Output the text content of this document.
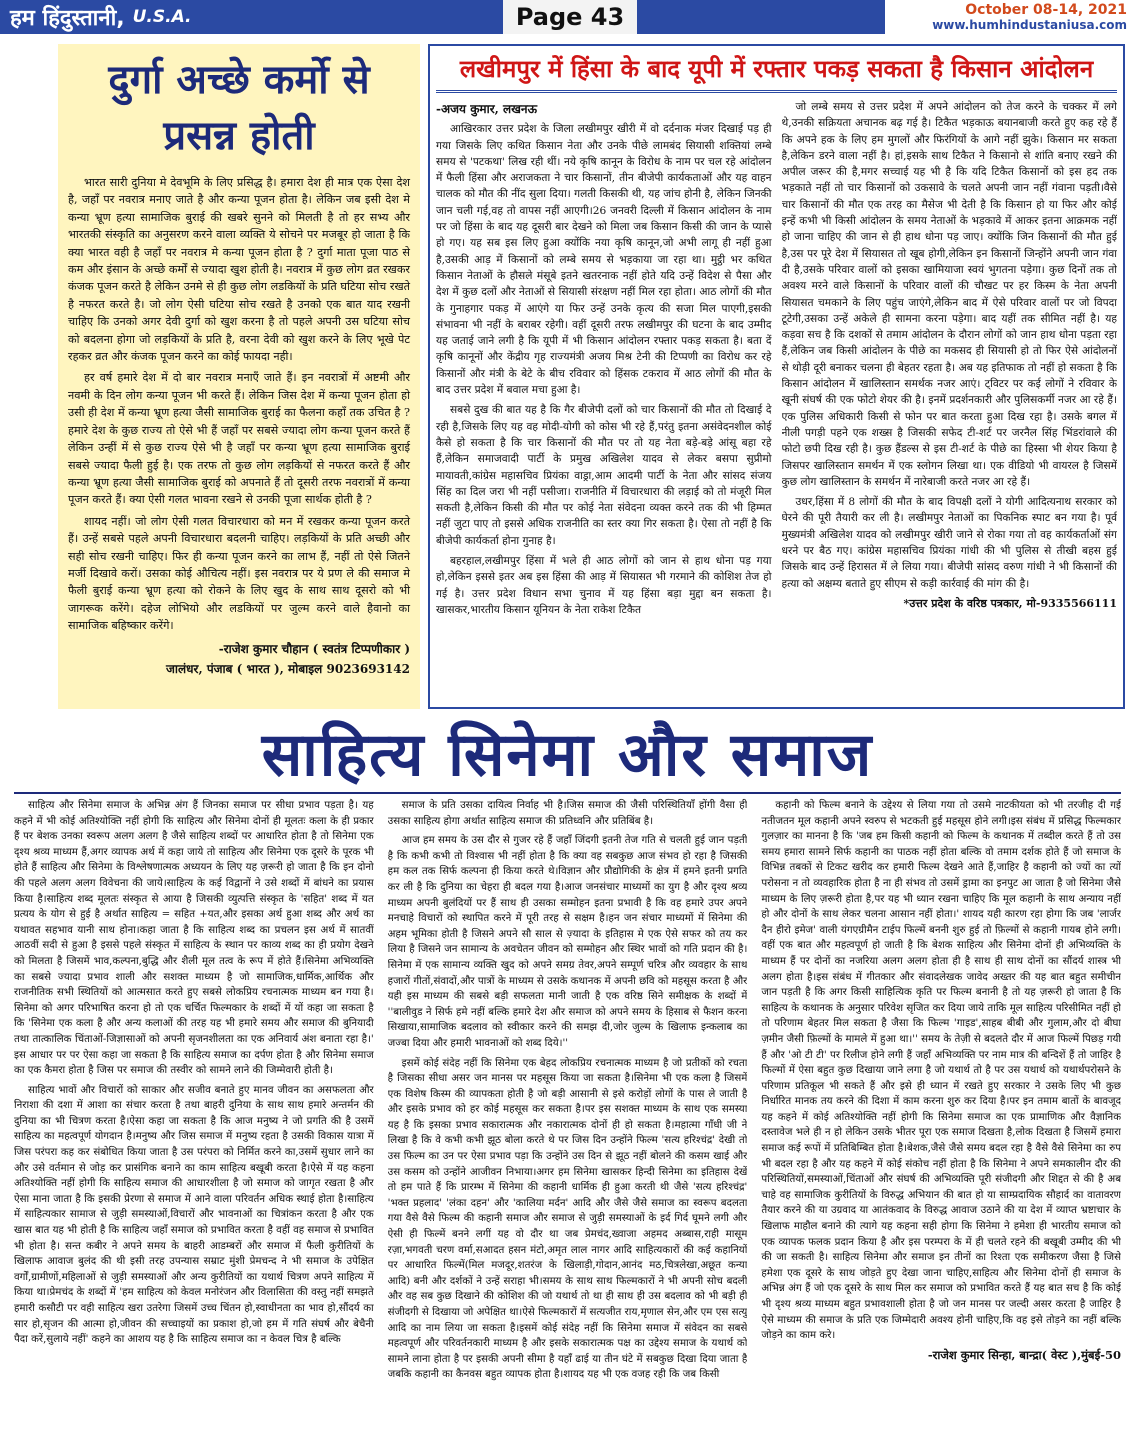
हम हिंदुस्तानी, U.S.A.	Page 43	October 08-14, 2021
www.humhindustaniusa.com
दुर्गा अच्छे कर्मो से प्रसन्न होती

भारत सारी दुनिया मे देवभूमि के लिए प्रसिद्ध है। हमारा देश ही मात्र एक ऐसा देश है, जहाँ पर नवरात्र मनाए जाते है और कन्या पूजन होता है। लेकिन जब इसी देश मे कन्या भ्रूण हत्या सामाजिक बुराई की खबरे सुनने को मिलती है तो हर सभ्य और भारतकी संस्कृति का अनुसरण करने वाला व्यक्ति ये सोचने पर मजबूर हो जाता है कि क्या भारत वही है जहाँ पर नवरात्र मे कन्या पूजन होता है ? दुर्गा माता पूजा पाठ से कम और इंसान के अच्छे कर्मों से ज्यादा खुश होती है। नवरात्र में कुछ लोग व्रत रखकर कंजक पूजन करते है लेकिन उनमे से ही कुछ लोग लडकियों के प्रति घटिया सोच रखते है नफरत करते है। जो लोग ऐसी घटिया सोच रखते है उनको एक बात याद रखनी चाहिए कि उनको अगर देवी दुर्गा को खुश करना है तो पहले अपनी उस घटिया सोच को बदलना होगा जो लड़कियों के प्रति है, वरना देवी को खुश करने के लिए भूखे पेट रहकर व्रत और कंजक पूजन करने का कोई फायदा नही।

हर वर्ष हमारे देश में दो बार नवरात्र मनाएँ जाते हैं। इन नवरात्रों में अष्टमी और नवमी के दिन लोग कन्या पूजन भी करते हैं। लेकिन जिस देश में कन्या पूजन होता हो उसी ही देश में कन्या भ्रूण हत्या जैसी सामाजिक बुराई का फैलना कहाँ तक उचित है ? हमारे देश के कुछ राज्य तो ऐसे भी हैं जहाँ पर सबसे ज्यादा लोग कन्या पूजन करते हैं लेकिन उन्हीं में से कुछ राज्य ऐसे भी है जहाँ पर कन्या भ्रूण हत्या सामाजिक बुराई सबसे ज्यादा फैली हुई है। एक तरफ तो कुछ लोग लड़कियों से नफरत करते हैं और कन्या भ्रूण हत्या जैसी सामाजिक बुराई को अपनाते हैं तो दूसरी तरफ नवरात्रों में कन्या पूजन करते हैं। क्या ऐसी गलत भावना रखने से उनकी पूजा सार्थक होती है ?

शायद नहीं। जो लोग ऐसी गलत विचारधारा को मन में रखकर कन्या पूजन करते हैं। उन्हें सबसे पहले अपनी विचारधारा बदलनी चाहिए। लड़कियों के प्रति अच्छी और सही सोच रखनी चाहिए। फिर ही कन्या पूजन करने का लाभ हैं, नहीं तो ऐसे जितने मर्जी दिखावे करों। उसका कोई औचित्य नहीं। इस नवरात्र पर ये प्रण ले की समाज मे फैली बुराई कन्या भ्रूण हत्या को रोकने के लिए खुद के साथ साथ दूसरो को भी जागरूक करेंगे। दहेज लोभियो और लडकियों पर जुल्म करने वाले हैवानो का सामाजिक बहिष्कार करेंगे।

-राजेश कुमार चौहान ( स्वतंत्र टिप्पणीकार )
जालंधर, पंजाब ( भारत ), मोबाइल 9023693142
लखीमपुर में हिंसा के बाद यूपी में रफ्तार पकड़ सकता है किसान आंदोलन

-अजय कुमार, लखनऊ

आखिरकार उत्तर प्रदेश के जिला लखीमपुर खीरी में वो दर्दनाक मंजर दिखाई पड़ ही गया जिसके लिए कथित किसान नेता और उनके पीछे लामबंद सियासी शक्तियां लम्बे समय से 'पटकथा' लिख रही थीं। नये कृषि कानून के विरोध के नाम पर चल रहे आंदोलन में फैली हिंसा और अराजकता ने चार किसानों, तीन बीजेपी कार्यकताओं और यह वाहन चालक को मौत की नींद सुला दिया। गलती किसकी थी, यह जांच होनी है, लेकिन जिनकी जान चली गई,वह तो वापस नहीं आएगी।26 जनवरी दिल्ली में किसान आंदोलन के नाम पर जो हिंसा के बाद यह दूसरी बार देखने को मिला जब किसान किसी की जान के प्यासे हो गए। यह सब इस लिए हुआ क्योंकि नया कृषि कानून,जो अभी लागू ही नहीं हुआ है,उसकी आड़ में किसानों को लम्बे समय से भड़काया जा रहा था। मुट्ठी भर कथित किसान नेताओं के हौसले मंसूबे इतने खतरनाक नहीं होते यदि उन्हें विदेश से पैसा और देश में कुछ दलों और नेताओं से सियासी संरक्षण नहीं मिल रहा होता। आठ लोगों की मौत के गुनाहगार पकड़ में आएंगे या फिर उन्हें उनके कृत्य की सजा मिल पाएगी,इसकी संभावना भी नहीं के बराबर रहेगी। वहीं दूसरी तरफ लखीमपुर की घटना के बाद उम्मीद यह जताई जाने लगी है कि यूपी में भी किसान आंदोलन रफ्तार पकड़ सकता है। बता दें कृषि कानूनों और केंद्रीय गृह राज्यमंत्री अजय मिश्र टेनी की टिप्पणी का विरोध कर रहे किसानों और मंत्री के बेटे के बीच रविवार को हिंसक टकराव में आठ लोगों की मौत के बाद उत्तर प्रदेश में बवाल मचा हुआ है।

सबसे दुख की बात यह है कि गैर बीजेपी दलों को चार किसानों की मौत तो दिखाई दे रही है,जिसके लिए यह वह मोदी-योगी को कोस भी रहे हैं,परंतु इतना असंवेदनशील कोई कैसे हो सकता है कि चार किसानों की मौत पर तो यह नेता बड़े-बड़े आंसू बहा रहे हैं,लेकिन समाजवादी पार्टी के प्रमुख अखिलेश यादव से लेकर बसपा सुप्रीमो मायावती,कांग्रेस महासचिव प्रियंका वाड्रा,आम आदमी पार्टी के नेता और सांसद संजय सिंह का दिल जरा भी नहीं पसीजा। राजनीति में विचारधारा की लड़ाई को तो मंजूरी मिल सकती है,लेकिन किसी की मौत पर कोई नेता संवेदना व्यक्त करने तक की भी हिम्मत नहीं जुटा पाए तो इससे अधिक राजनीति का स्तर क्या गिर सकता है। ऐसा तो नहीं है कि बीजेपी कार्यकर्ता होना गुनाह है।

बहरहाल,लखीमपुर हिंसा में भले ही आठ लोगों को जान से हाथ धोना पड़ गया हो,लेकिन इससे इतर अब इस हिंसा की आड़ में सियासत भी गरमाने की कोशिश तेज हो गई है। उत्तर प्रदेश विधान सभा चुनाव में यह हिंसा बड़ा मुद्दा बन सकता है। खासकर,भारतीय किसान यूनियन के नेता राकेश टिकैत

जो लम्बे समय से उत्तर प्रदेश में अपने आंदोलन को तेज करने के चक्कर में लगे थे,उनकी सक्रियता अचानक बढ़ गई है। टिकैत भड़काऊ बयानबाजी करते हुए कह रहे हैं कि अपने हक के लिए हम मुगलों और फिरंगियों के आगे नहीं झुके। किसान मर सकता है,लेकिन डरने वाला नहीं है। हां,इसके साथ टिकैत ने किसानो से शांति बनाए रखने की अपील जरूर की है,मगर सच्चाई यह भी है कि यदि टिकैत किसानों को इस हद तक भड़काते नहीं तो चार किसानों को उकसावे के चलते अपनी जान नहीं गंवाना पड़ती।वैसे चार किसानों की मौत एक तरह का मैसेज भी देती है कि किसान हो या फिर और कोई इन्हें कभी भी किसी आंदोलन के समय नेताओं के भड़कावे में आकर इतना आक्रमक नहीं हो जाना चाहिए की जान से ही हाथ धोना पड़ जाए। क्योंकि जिन किसानों की मौत हुई है,उस पर पूरे देश में सियासत तो खूब होगी,लेकिन इन किसानों जिन्होंने अपनी जान गंवा दी है,उसके परिवार वालों को इसका खामियाजा स्वयं भुगतना पड़ेगा। कुछ दिनों तक तो अवश्य मरने वाले किसानों के परिवार वालों की चौखट पर हर किस्म के नेता अपनी सियासत चमकाने के लिए पहुंच जाएंगे,लेकिन बाद में ऐसे परिवार वालों पर जो विपदा टूटेगी,उसका उन्हें अकेले ही सामना करना पड़ेगा। बाद यहीं तक सीमित नहीं है। यह कड़वा सच है कि दशकों से तमाम आंदोलन के दौरान लोगों को जान हाथ धोना पड़ता रहा हैं,लेकिन जब किसी आंदोलन के पीछे का मकसद ही सियासी हो तो फिर ऐसे आंदोलनों से थोड़ी दूरी बनाकर चलना ही बेहतर रहता है। अब यह इतिफाक तो नहीं हो सकता है कि किसान आंदोलन में खालिस्तान समर्थक नजर आएं। ट्विटर पर कई लोगों ने रविवार के खूनी संघर्ष की एक फोटो शेयर की है। इनमें प्रदर्शनकारी और पुलिसकर्मी नजर आ रहे हैं। एक पुलिस अधिकारी किसी से फोन पर बात करता हुआ दिख रहा है। उसके बगल में नीली पगड़ी पहने एक शख्स है जिसकी सफेद टी-शर्ट पर जरनैल सिंह भिंडरांवाले की फोटो छपी दिख रही है। कुछ हैंडल्स से इस टी-शर्ट के पीछे का हिस्सा भी शेयर किया है जिसपर खालिस्तान समर्थन में एक स्लोगन लिखा था। एक वीडियो भी वायरल है जिसमें कुछ लोग खालिस्तान के समर्थन में नारेबाजी करते नजर आ रहे हैं।

उधर,हिंसा में 8 लोगों की मौत के बाद विपक्षी दलों ने योगी आदित्यनाथ सरकार को घेरने की पूरी तैयारी कर ली है। लखीमपुर नेताओं का पिकनिक स्पाट बन गया है। पूर्व मुख्यमंत्री अखिलेश यादव को लखीमपुर खीरी जाने से रोका गया तो वह कार्यकर्ताओं संग धरने पर बैठ गए। कांग्रेस महासचिव प्रियंका गांधी की भी पुलिस से तीखी बहस हुई जिसके बाद उन्हें हिरासत में ले लिया गया। बीजेपी सांसद वरुण गांधी ने भी किसानों की हत्या को अक्षम्य बताते हुए सीएम से कड़ी कार्रवाई की मांग की है।

*उत्तर प्रदेश के वरिष्ठ पत्रकार, मो-9335566111
साहित्य सिनेमा और समाज

साहित्य और सिनेमा समाज के अभिन्न अंग हैं जिनका समाज पर सीधा प्रभाव पड़ता है। यह कहने में भी कोई अतिश्योक्ति नहीं होगी कि साहित्य और सिनेमा दोनों ही मूलतः कला के ही प्रकार हैं पर बेशक उनका स्वरूप अलग अलग है जैसे साहित्य शब्दों पर आधारित होता है तो सिनेमा एक दृश्य श्रव्य माध्यम हैं,अगर व्यापक अर्थ में कहा जाये तो साहित्य और सिनेमा एक दूसरे के पूरक भी होते हैं साहित्य और सिनेमा के विश्लेषणात्मक अध्ययन के लिए यह ज़रूरी हो जाता है कि इन दोनो की पहले अलग अलग विवेचना की जाये।साहित्य के कई विद्वानों ने उसे शब्दों में बांधने का प्रयास किया है।साहित्य शब्द मूलतः संस्कृत से आया है जिसकी व्युत्पत्ति संस्कृत के 'सहित' शब्द में यत प्रत्यय के योग से हुई है अर्थात साहित्य = सहित +यत,और इसका अर्थ हुआ शब्द और अर्थ का यथावत सहभाव यानी साथ होना।कहा जाता है कि साहित्य शब्द का प्रचलन इस अर्थ में सातवीं आठवीं सदी से हुआ है इससे पहले संस्कृत में साहित्य के स्थान पर काव्य शब्द का ही प्रयोग देखने को मिलता है जिसमें भाव,कल्पना,बुद्धि और शैली मूल तत्व के रूप में होते हैं।सिनेमा अभिव्यक्ति का सबसे ज्यादा प्रभाव शाली और सशक्त माध्यम है जो सामाजिक,धार्मिक,आर्थिक और राजनीतिक सभी स्थितियों को आत्मसात करते हुए सबसे लोकप्रिय रचनात्मक माध्यम बन गया है।सिनेमा को अगर परिभाषित करना हो तो एक चर्चित फिल्मकार के शब्दों में यों कहा जा सकता है कि 'सिनेमा एक कला है और अन्य कलाओं की तरह यह भी हमारे समय और समाज की बुनियादी तथा तात्कालिक चिंताओं-जिज्ञासाओं को अपनी सृजनशीलता का एक अनिवार्य अंश बनाता रहा है।' इस आधार पर पर ऐसा कहा जा सकता है कि साहित्य समाज का दर्पण होता है और सिनेमा समाज का एक कैमरा होता है जिस पर समाज की तस्वीर को सामने लाने की जिम्मेवारी होती है।

साहित्य भावों और विचारों को साकार और सजीव बनाते हुए मानव जीवन का असफलता और निराशा की दशा में आशा का संचार करता है तथा बाहरी दुनिया के साथ साथ हमारे अन्तर्मन की दुनिया का भी चित्रण करता है।ऐसा कहा जा सकता है कि आज मनुष्य ने जो प्रगति की है उसमें साहित्य का महत्वपूर्ण योगदान है।मनुष्य और जिस समाज में मनुष्य रहता है उसकी विकास यात्रा में जिस परंपरा कह कर संबोधित किया जाता है उस परंपरा को निर्मित करने का,उसमें सुधार लाने का और उसे वर्तमान से जोड़ कर प्रासंगिक बनाने का काम साहित्य बखूबी करता है।ऐसे में यह कहना अतिश्योक्ति नहीं होगी कि साहित्य समाज की आधारशीला है जो समाज को जागृत रखता है और ऐसा माना जाता है कि इसकी प्रेरणा से समाज में आने वाला परिवर्तन अधिक स्थाई होता है।साहित्य में साहित्यकार सामाज से जुड़ी समस्याओं,विचारों और भावनाओं का चित्रांकन करता है और एक खास बात यह भी होती है कि साहित्य जहाँ समाज को प्रभावित करता है वहीं वह समाज से प्रभावित भी होता है। सन्त कबीर ने अपने समय के बाहरी आडम्बरों और समाज में फैली कुरीतियों के खिलाफ आवाज बुलंद की थी इसी तरह उपन्यास सम्राट मुंशी प्रेमचन्द ने भी समाज के उपेक्षित वर्गों,ग्रामीणों,महिलाओं से जुड़ी समस्याओं और अन्य कुरीतियों का यथार्थ चित्रण अपने साहित्य में किया था।प्रेमचंद के शब्दों में 'हम साहित्य को केवल मनोरंजन और विलासिता की वस्तु नहीं समझते हमारी कसौटी पर वही साहित्य खरा उतरेगा जिसमें उच्च चिंतन हो,स्वाधीनता का भाव हो,सौंदर्य का सार हो,सृजन की आत्मा हो,जीवन की सच्चाइयों का प्रकाश हो,जो हम में गति संघर्ष और बेचैनी पैदा करें,सुलाये नहीं' कहने का आशय यह है कि साहित्य समाज का न केवल चित्र है बल्कि

समाज के प्रति उसका दायित्व निर्वाह भी है।जिस समाज की जैसी परिस्थितियाँ होंगी वैसा ही उसका साहित्य होगा अर्थात साहित्य समाज की प्रतिध्वनि और प्रतिबिंब है।

आज हम समय के उस दौर से गुजर रहे हैं जहाँ जिंदगी इतनी तेज गति से चलती हुई जान पड़ती है कि कभी कभी तो विश्वास भी नहीं होता है कि क्या वह सबकुछ आज संभव हो रहा है जिसकी हम कल तक सिर्फ कल्पना ही किया करते थे।विज्ञान और प्रौद्योगिकी के क्षेत्र में हमने इतनी प्रगति कर ली है कि दुनिया का चेहरा ही बदल गया है।आज जनसंचार माध्यमों का युग है और दृश्य श्रव्य माध्यम अपनी बुलंदियों पर हैं साथ ही उसका सम्मोहन इतना प्रभावी है कि वह हमारे उपर अपने मनचाहे विचारों को स्थापित करने में पूरी तरह से सक्षम है।हन जन संचार माध्यमों में सिनेमा की अहम भूमिका होती है जिसने अपने सौ साल से ज़्यादा के इतिहास मे एक ऐसे सफर को तय कर लिया है जिसने जन सामान्य के अवचेतन जीवन को सम्मोहन और स्थिर भावों को गति प्रदान की है।सिनेमा में एक सामान्य व्यक्ति खुद को अपने समग्र तेवर,अपने सम्पूर्ण चरित्र और व्यवहार के साथ हजारों गीतों,संवादों,और पात्रों के माध्यम से उसके कथानक में अपनी छवि को महसूस करता है और यही इस माध्यम की सबसे बड़ी सफलता मानी जाती है एक वरिष्ठ सिने समीक्षक के शब्दों में ''बालीवुड ने सिर्फ हमे नहीं बल्कि हमारे देश और समाज को अपने समय के हिसाब से फैशन करना सिखाया,सामाजिक बदलाव को स्वीकार करने की समझ दी,जोर जुल्म के खिलाफ इन्कलाब का जज्बा दिया और हमारी भावनाओं को शब्द दिये।''

इसमें कोई संदेह नहीं कि सिनेमा एक बेहद लोकप्रिय रचनात्मक माध्यम है जो प्रतीकों को रचता है जिसका सीधा असर जन मानस पर महसूस किया जा सकता है।सिनेमा भी एक कला है जिसमें एक विशेष किस्म की व्यापकता होती है जो बड़ी आसानी से इसे करोड़ों लोगों के पास ले जाती है और इसके प्रभाव को हर कोई महसूस कर सकता है।पर इस सशक्त माध्यम के साथ एक समस्या यह है कि इसका प्रभाव सकारात्मक और नकारात्मक दोनों ही हो सकता है।महात्मा गाँधी जी ने लिखा है कि वे कभी कभी झूठ बोला करते थे पर जिस दिन उन्होंने फिल्म 'सत्य हरिश्चंद्र' देखी तो उस फिल्म का उन पर ऐसा प्रभाव पड़ा कि उन्होंने उस दिन से झूठ नहीं बोलने की कसम खाई और उस कसम को उन्होंने आजीवन निभाया।अगर हम सिनेमा खासकर हिन्दी सिनेमा का इतिहास देखें तो हम पाते हैं कि प्रारम्भ में सिनेमा की कहानी धार्मिक ही हुआ करती थी जैसे 'सत्य हरिश्चंद्र' 'भक्त प्रहलाद' 'लंका दहन' और 'कालिया मर्दन' आदि और जैसे जैसे समाज का स्वरूप बदलता गया वैसे वैसे फिल्म की कहानी समाज और समाज से जुड़ी समस्याओं के इर्द गिर्द घूमने लगी और ऐसी ही फिल्में बनने लगीं यह वो दौर था जब प्रेमचंद,ख्वाजा अहमद अब्बास,राही मासूम रज़ा,भगवती चरण वर्मा,सआदत हसन मंटो,अमृत लाल नागर आदि साहित्यकारों की कई कहानियों पर आधारित फिल्में(मिल मजदूर,शतरंज के खिलाड़ी,गोदान,आनंद मठ,चित्रलेखा,अछूत कन्या आदि) बनी और दर्शकों ने उन्हें सराहा भी।समय के साथ साथ फिल्मकारों ने भी अपनी सोच बदली और वह सब कुछ दिखाने की कोशिश की जो यथार्थ तो था ही साथ ही उस बदलाव को भी बड़ी ही संजीदगी से दिखाया जो अपेक्षित था।ऐसे फिल्मकारों में सत्यजीत राय,मृणाल सेन,और एम एस सत्यु आदि का नाम लिया जा सकता है।इसमें कोई संदेह नहीं कि सिनेमा समाज में संवेदन का सबसे महत्वपूर्ण और परिवर्तनकारी माध्यम है और इसके सकारात्मक पक्ष का उद्देश्य समाज के यथार्थ को सामने लाना होता है पर इसकी अपनी सीमा है यहाँ ढाई या तीन घंटे में सबकुछ दिखा दिया जाता है जबकि कहानी का कैनवस बहुत व्यापक होता है।शायद यह भी एक वजह रही कि जब किसी

कहानी को फिल्म बनाने के उद्देश्य से लिया गया तो उसमे नाटकीयता को भी तरजीह दी गई नतीजतन मूल कहानी अपने स्वरुप से भटकती हुई महसूस होने लगी।इस संबंध में प्रसिद्ध फिल्मकार गुलज़ार का मानना है कि 'जब हम किसी कहानी को फिल्म के कथानक में तब्दील करते हैं तो उस समय हमारा सामने सिर्फ कहानी का पाठक नहीं होता बल्कि वो तमाम दर्शक होते हैं जो समाज के विभिन्न तबकों से टिकट खरीद कर हमारी फिल्म देखने आते हैं,जाहिर है कहानी को ज्यों का त्यों परोसना न तो व्यवहारिक होता है ना ही संभव तो उसमें ड्रामा का इनपुट आ जाता है जो सिनेमा जैसे माध्यम के लिए ज़रूरी होता है,पर यह भी ध्यान रखना चाहिए कि मूल कहानी के साथ अन्याय नहीं हो और दोनों के साथ लेकर चलना आसान नहीं होता।' शायद यही कारण रहा होगा कि जब 'लार्जर दैन हीरो इमेज' वाली यंगएग्रीमैन टाईप फिल्में बननी शुरु हुई तो फ़िल्मों से कहानी गायब होने लगी।वहीं एक बात और महत्वपूर्ण हो जाती है कि बेशक साहित्य और सिनेमा दोनों ही अभिव्यक्ति के माध्यम हैं पर दोनों का नजरिया अलग अलग होता ही है साथ ही साथ दोनों का सौंदर्य शास्त्र भी अलग होता है।इस संबंध में गीतकार और संवादलेखक जावेद अख्तर की यह बात बहुत समीचीन जान पड़ती है कि अगर किसी साहित्यिक कृति पर फिल्म बनानी है तो यह ज़रूरी हो जाता है कि साहित्य के कथानक के अनुसार परिवेश सृजित कर दिया जाये ताकि मूल साहित्य परिसीमित नहीं हो तो परिणाम बेहतर मिल सकता है जैसा कि फिल्म 'गाइड',साहब बीबी और गुलाम,और दो बीघा ज़मीन जैसी फ़िल्मों के मामले में हुआ था।'' समय के तेज़ी से बदलते दौर में आज फिल्में पिछड़ गयी हैं और 'ओ टी टी' पर रिलीज होने लगी हैं जहाँ अभिव्यक्ति पर नाम मात्र की बन्दिशें हैं तो जाहिर है फिल्मों में ऐसा बहुत कुछ दिखाया जाने लगा है जो यथार्थ तो है पर उस यथार्थ को यथार्थपरोसने के परिणाम प्रतिकूल भी सकते हैं और इसे ही ध्यान में रखते हुए सरकार ने उसके लिए भी कुछ निर्धारित मानक तय करने की दिशा में काम करना शुरु कर दिया है।पर इन तमाम बातों के बावजूद यह कहने में कोई अतिश्योक्ति नहीं होगी कि सिनेमा समाज का एक प्रामाणिक और वैज्ञानिक दस्तावेज भले ही न हो लेकिन उसके भीतर पूरा एक समाज दिखता है,लोक दिखता है जिसमें हमारा समाज कई रूपों में प्रतिबिम्बित होता है।बेशक,जैसे जैसे समय बदल रहा है वैसे वैसे सिनेमा का रुप भी बदल रहा है और यह कहने में कोई संकोच नहीं होता है कि सिनेमा ने अपने समकालीन दौर की परिस्थितियों,समस्याओं,चिंताओं और संघर्ष की अभिव्यक्ति पूरी संजीदगी और शिद्दत से की है अब चाहे वह सामाजिक कुरीतियों के विरुद्ध अभियान की बात हो या साम्प्रदायिक सौहार्द का वातावरण तैयार करने की या उग्रवाद या आतंकवाद के विरुद्ध आवाज उठाने की या देश में व्याप्त भ्रष्टाचार के खिलाफ माहौल बनाने की त्यागे यह कहना सही होगा कि सिनेमा ने हमेशा ही भारतीय समाज को एक व्यापक फलक प्रदान किया है और इस परम्परा के में ही चलते रहने की बखूबी उम्मीद की भी की जा सकती है। साहित्य सिनेमा और समाज इन तीनों का रिश्ता एक समीकरण जैसा है जिसे हमेशा एक दूसरे के साथ जोड़ते हुए देखा जाना चाहिए,साहित्य और सिनेमा दोनों ही समाज के अभिन्न अंग हैं जो एक दूसरे के साथ मिल कर समाज को प्रभावित करते हैं यह बात सच है कि कोई भी दृश्य श्रव्य माध्यम बहुत प्रभावशाली होता है जो जन मानस पर जल्दी असर करता है जाहिर है ऐसे माध्यम की समाज के प्रति एक जिम्मेदारी अवश्य होनी चाहिए,कि वह इसे तोड़ने का नहीं बल्कि जोड़ने का काम करे।

-राजेश कुमार सिन्हा, बान्द्रा( वेस्ट ),मुंबई-50
